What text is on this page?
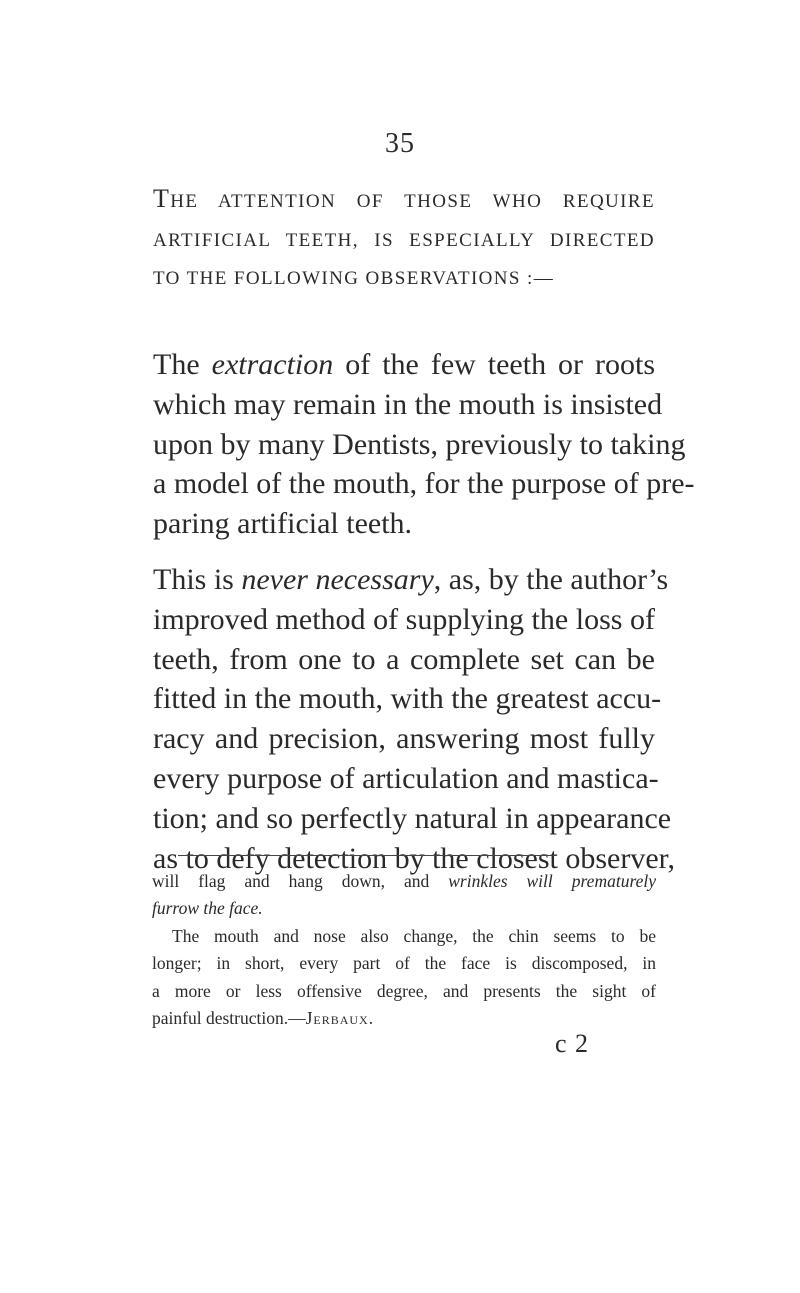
35
THE ATTENTION OF THOSE WHO REQUIRE
ARTIFICIAL TEETH, IS ESPECIALLY DIRECTED
TO THE FOLLOWING OBSERVATIONS :—
The extraction of the few teeth or roots
which may remain in the mouth is insisted
upon by many Dentists, previously to taking
a model of the mouth, for the purpose of pre-
paring artificial teeth.
This is never necessary, as, by the author’s
improved method of supplying the loss of
teeth, from one to a complete set can be
fitted in the mouth, with the greatest accu-
racy and precision, answering most fully
every purpose of articulation and mastica-
tion; and so perfectly natural in appearance
as to defy detection by the closest observer,
will flag and hang down, and wrinkles will prematurely
furrow the face.
The mouth and nose also change, the chin seems to be
longer; in short, every part of the face is discomposed, in
a more or less offensive degree, and presents the sight of
painful destruction.—Jerbaux.
c 2
